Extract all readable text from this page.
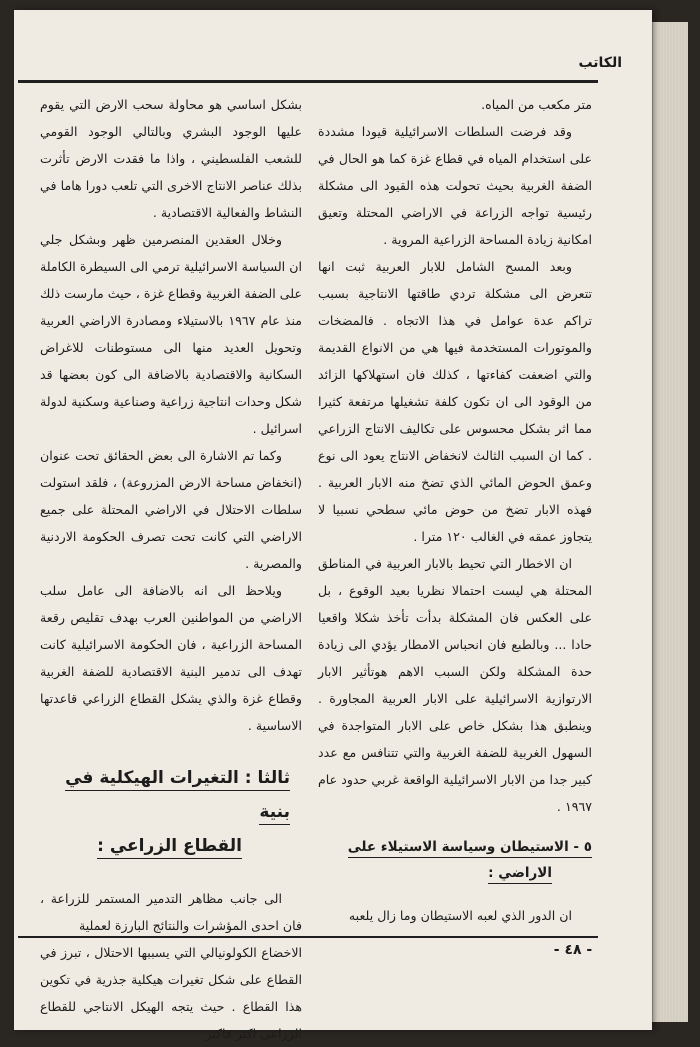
الكاتب

متر مكعب من المياه.

وقد فرضت السلطات الاسرائيلية قيودا مشددة على استخدام المياه في قطاع غزة كما هو الحال في الضفة الغربية بحيث تحولت هذه القيود الى مشكلة رئيسية تواجه الزراعة في الاراضي المحتلة وتعيق امكانية زيادة المساحة الزراعية المروية .

وبعد المسح الشامل للابار العربية ثبت انها تتعرض الى مشكلة تردي طاقتها الانتاجية بسبب تراكم عدة عوامل في هذا الاتجاه . فالمضخات والموتورات المستخدمة فيها هي من الانواع القديمة والتي اضعفت كفاءتها ، كذلك فان استهلاكها الزائد من الوقود الى ان تكون كلفة تشغيلها مرتفعة كثيرا مما اثر بشكل محسوس على تكاليف الانتاج الزراعي . كما ان السبب الثالث لانخفاض الانتاج يعود الى نوع وعمق الحوض المائي الذي تضخ منه الابار العربية . فهذه الابار تضخ من حوض مائي سطحي نسبيا لا يتجاوز عمقه في الغالب ١٢٠ مترا .

ان الاخطار التي تحيط بالابار العربية في المناطق المحتلة هي ليست احتمالا نظريا بعيد الوقوع ، بل على العكس فان المشكلة بدأت تأخذ شكلا واقعيا حادا ... وبالطبع فان انحباس الامطار يؤدي الى زيادة حدة المشكلة ولكن السبب الاهم هوتأثير الابار الارتوازية الاسرائيلية على الابار العربية المجاورة . وينطبق هذا بشكل خاص على الابار المتواجدة في السهول الغربية للضفة الغربية والتي تتنافس مع عدد كبير جدا من الابار الاسرائيلية الواقعة غربي حدود عام ١٩٦٧ .

٥ - الاستيطان وسياسة الاستيلاء على
الاراضي :

ان الدور الذي لعبه الاستيطان وما زال يلعبه

بشكل اساسي هو محاولة سحب الارض التي يقوم عليها الوجود البشري وبالتالي الوجود القومي للشعب الفلسطيني ، واذا ما فقدت الارض تأثرت بذلك عناصر الانتاج الاخرى التي تلعب دورا هاما في النشاط والفعالية الاقتصادية .

وخلال العقدين المنصرمين ظهر وبشكل جلي ان السياسة الاسرائيلية ترمي الى السيطرة الكاملة على الضفة الغربية وقطاع غزة ، حيث مارست ذلك منذ عام ١٩٦٧ بالاستيلاء ومصادرة الاراضي العربية وتحويل العديد منها الى مستوطنات للاغراض السكانية والاقتصادية بالاضافة الى كون بعضها قد شكل وحدات انتاجية زراعية وصناعية وسكنية لدولة اسرائيل .

وكما تم الاشارة الى بعض الحقائق تحت عنوان (انخفاض مساحة الارض المزروعة) ، فلقد استولت سلطات الاحتلال في الاراضي المحتلة على جميع الاراضي التي كانت تحت تصرف الحكومة الاردنية والمصرية .

ويلاحظ الى انه بالاضافة الى عامل سلب الاراضي من المواطنين العرب بهدف تقليص رقعة المساحة الزراعية ، فان الحكومة الاسرائيلية كانت تهدف الى تدمير البنية الاقتصادية للضفة الغربية وقطاع غزة والذي يشكل القطاع الزراعي قاعدتها الاساسية .

ثالثا : التغيرات الهيكلية في بنية
القطاع الزراعي :

الى جانب مظاهر التدمير المستمر للزراعة ، فان احدى المؤشرات والنتائج البارزة لعملية

الاخضاع الكولونيالي التي يسببها الاحتلال ، تبرز في القطاع على شكل تغيرات هيكلية جذرية في تكوين هذا القطاع . حيث يتجه الهيكل الانتاجي للقطاع الزراعي اكثر فاكثر

- ٤٨ -
